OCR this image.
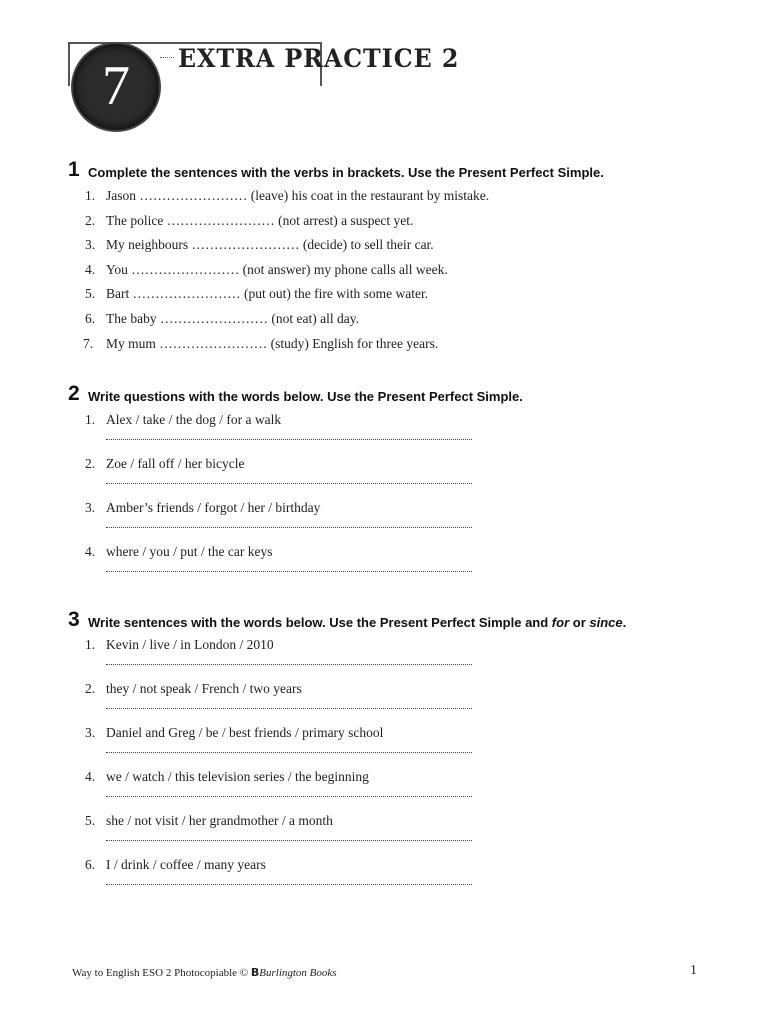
7	EXTRA PRACTICE 2
1 Complete the sentences with the verbs in brackets. Use the Present Perfect Simple.
1. Jason …………………… (leave) his coat in the restaurant by mistake.
2. The police …………………… (not arrest) a suspect yet.
3. My neighbours …………………… (decide) to sell their car.
4. You …………………… (not answer) my phone calls all week.
5. Bart …………………… (put out) the fire with some water.
6. The baby …………………… (not eat) all day.
7. My mum …………………… (study) English for three years.
2 Write questions with the words below. Use the Present Perfect Simple.
1. Alex / take / the dog / for a walk
2. Zoe / fall off / her bicycle
3. Amber’s friends / forgot / her / birthday
4. where / you / put / the car keys
3 Write sentences with the words below. Use the Present Perfect Simple and for or since.
1. Kevin / live / in London / 2010
2. they / not speak / French / two years
3. Daniel and Greg / be / best friends / primary school
4. we / watch / this television series / the beginning
5. she / not visit / her grandmother / a month
6. I / drink / coffee / many years
Way to English ESO 2 Photocopiable © BBurlington Books	1
